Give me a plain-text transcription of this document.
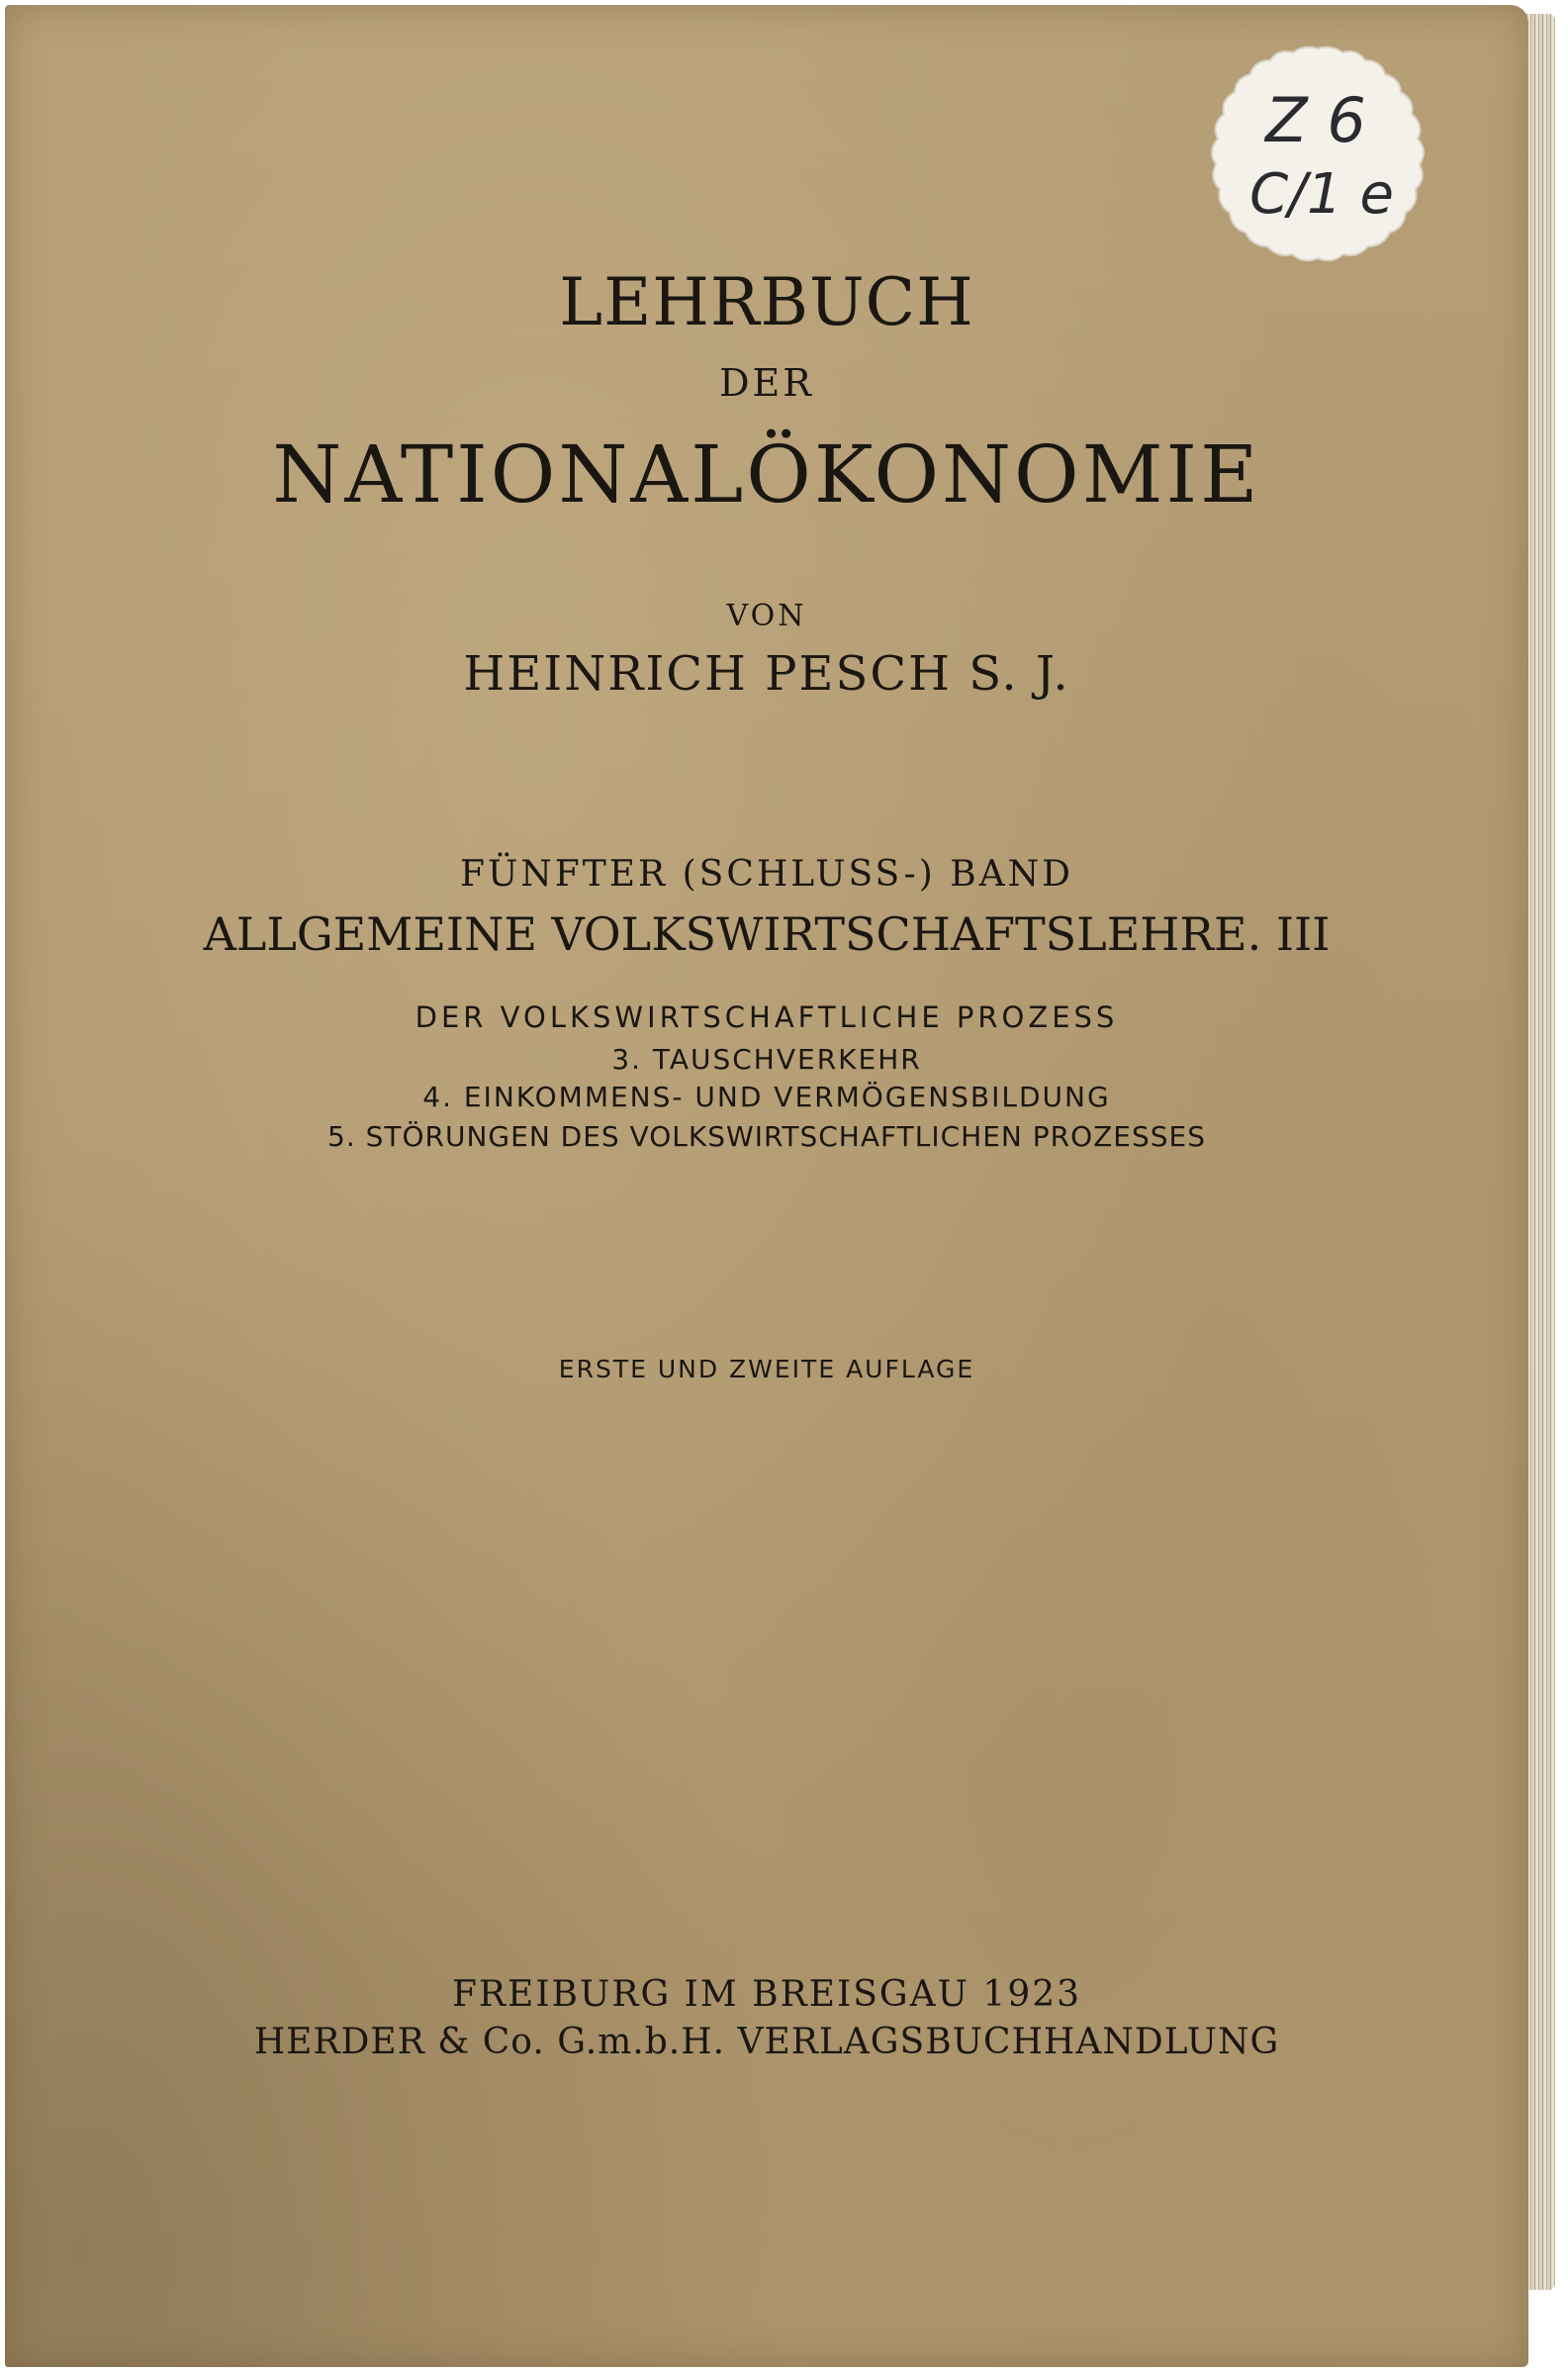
Z 6
C/1 e

LEHRBUCH

DER

NATIONALÖKONOMIE

VON

HEINRICH PESCH S. J.

FÜNFTER (SCHLUSS-) BAND

ALLGEMEINE VOLKSWIRTSCHAFTSLEHRE. III

DER VOLKSWIRTSCHAFTLICHE PROZESS

3. TAUSCHVERKEHR

4. EINKOMMENS- UND VERMÖGENSBILDUNG

5. STÖRUNGEN DES VOLKSWIRTSCHAFTLICHEN PROZESSES

ERSTE UND ZWEITE AUFLAGE

FREIBURG IM BREISGAU 1923

HERDER & Co. G.m.b.H. VERLAGSBUCHHANDLUNG
